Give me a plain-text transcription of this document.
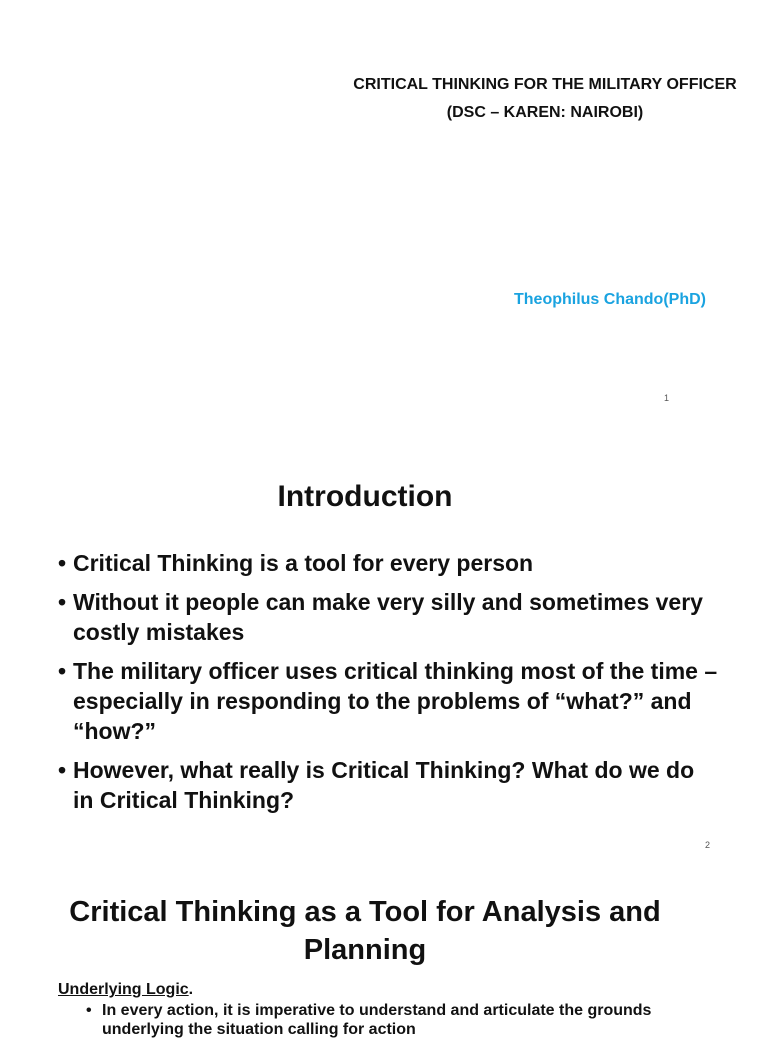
CRITICAL THINKING FOR THE MILITARY OFFICER
(DSC – KAREN: NAIROBI)
Theophilus Chando(PhD)
1
Introduction
• Critical Thinking is a tool for every person
• Without it people can make very silly and sometimes very costly mistakes
• The military officer uses critical thinking most of the time – especially in responding to the problems of “what?” and “how?”
• However, what really is Critical Thinking? What do we do in Critical Thinking?
2
Critical Thinking as a Tool for Analysis and Planning
Underlying Logic.
• In every action, it is imperative to understand and articulate the grounds underlying the situation calling for action
